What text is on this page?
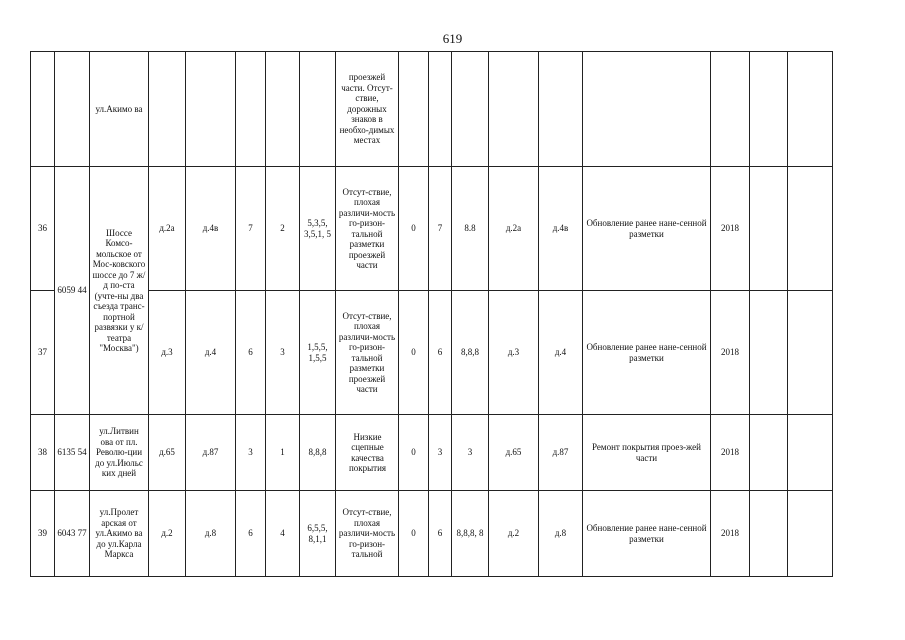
619
		ул.Акимо ва						проезжей части. Отсут-ствие, дорожных знаков в необхо-димых местах									
36	6059 44	Шоссе Комсо-мольское от Мос-ковского шоссе до 7 ж/д по-ста (учте-ны два съезда транс-портной развязки у к/театра "Москва")	д.2а	д.4в	7	2	5,3,5, 3,5,1, 5	Отсут-ствие, плохая различи-мость го-ризон-тальной разметки проезжей части	0	7	8.8	д.2а	д.4в	Обновление ранее нане-сенной разметки	2018		
37			д.3	д.4	6	3	1,5,5, 1,5,5	Отсут-ствие, плохая различи-мость го-ризон-тальной разметки проезжей части	0	6	8,8,8	д.3	д.4	Обновление ранее нане-сенной разметки	2018		
38	6135 54	ул.Литвин ова от пл. Револю-ции до ул.Июльс ких дней	д.65	д.87	3	1	8,8,8	Низкие сцепные качества покрытия	0	3	3	д.65	д.87	Ремонт покрытия проез-жей части	2018		
39	6043 77	ул.Пролет арская от ул.Акимо ва до ул.Карла Маркса	д.2	д.8	6	4	6,5,5, 8,1,1	Отсут-ствие, плохая различи-мость го-ризон-тальной	0	6	8,8,8, 8	д.2	д.8	Обновление ранее нане-сенной разметки	2018		
